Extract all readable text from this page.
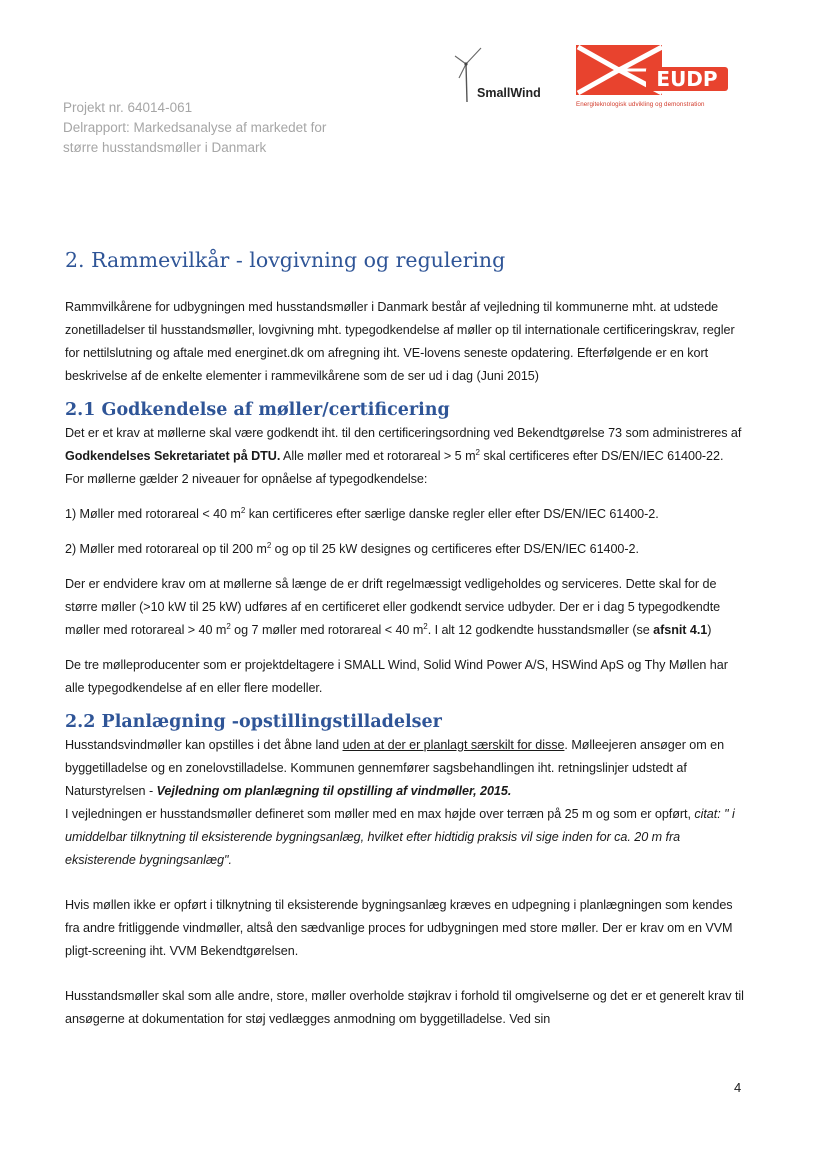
Projekt nr. 64014-061
Delrapport: Markedsanalyse af markedet for
større husstandsmøller i Danmark
SmallWind
EUDP
Energiteknologisk udvikling og demonstration
2. Rammevilkår - lovgivning og regulering

Rammvilkårene for udbygningen med husstandsmøller i Danmark består af vejledning til kommunerne mht. at udstede zonetilladelser til husstandsmøller, lovgivning mht. typegodkendelse af møller op til internationale certificeringskrav, regler for nettilslutning og aftale med energinet.dk om afregning iht. VE-lovens seneste opdatering. Efterfølgende er en kort beskrivelse af de enkelte elementer i rammevilkårene som de ser ud i dag (Juni 2015)

2.1 Godkendelse af møller/certificering

Det er et krav at møllerne skal være godkendt iht. til den certificeringsordning ved Bekendtgørelse 73 som administreres af Godkendelses Sekretariatet på DTU. Alle møller med et rotorareal > 5 $m^2$ skal certificeres efter DS/EN/IEC 61400-22. For møllerne gælder 2 niveauer for opnåelse af typegodkendelse:

1) Møller med rotorareal < 40 $m^2$ kan certificeres efter særlige danske regler eller efter DS/EN/IEC 61400-2.

2) Møller med rotorareal op til 200 $m^2$ og op til 25 kW designes og certificeres efter DS/EN/IEC 61400-2.

Der er endvidere krav om at møllerne så længe de er drift regelmæssigt vedligeholdes og serviceres. Dette skal for de større møller (>10 kW til 25 kW) udføres af en certificeret eller godkendt service udbyder. Der er i dag 5 typegodkendte møller med rotorareal > 40 $m^2$ og 7 møller med rotorareal < 40 $m^2$. I alt 12 godkendte husstandsmøller (se afsnit 4.1)

De tre mølleproducenter som er projektdeltagere i SMALL Wind, Solid Wind Power A/S, HSWind ApS og Thy Møllen har alle typegodkendelse af en eller flere modeller.

2.2 Planlægning -opstillingstilladelser

Husstandsvindmøller kan opstilles i det åbne land uden at der er planlagt særskilt for disse. Mølleejeren ansøger om en byggetilladelse og en zonelovstilladelse. Kommunen gennemfører sagsbehandlingen iht. retningslinjer udstedt af Naturstyrelsen - Vejledning om planlægning til opstilling af vindmøller, 2015.

I vejledningen er husstandsmøller defineret som møller med en max højde over terræn på 25 m og som er opført, citat: " i umiddelbar tilknytning til eksisterende bygningsanlæg, hvilket efter hidtidig praksis vil sige inden for ca. 20 m fra eksisterende bygningsanlæg".

Hvis møllen ikke er opført i tilknytning til eksisterende bygningsanlæg kræves en udpegning i planlægningen som kendes fra andre fritliggende vindmøller, altså den sædvanlige proces for udbygningen med store møller. Der er krav om en VVM pligt-screening iht. VVM Bekendtgørelsen.

Husstandsmøller skal som alle andre, store, møller overholde støjkrav i forhold til omgivelserne og det er et generelt krav til ansøgerne at dokumentation for støj vedlægges anmodning om byggetilladelse. Ved sin

4
